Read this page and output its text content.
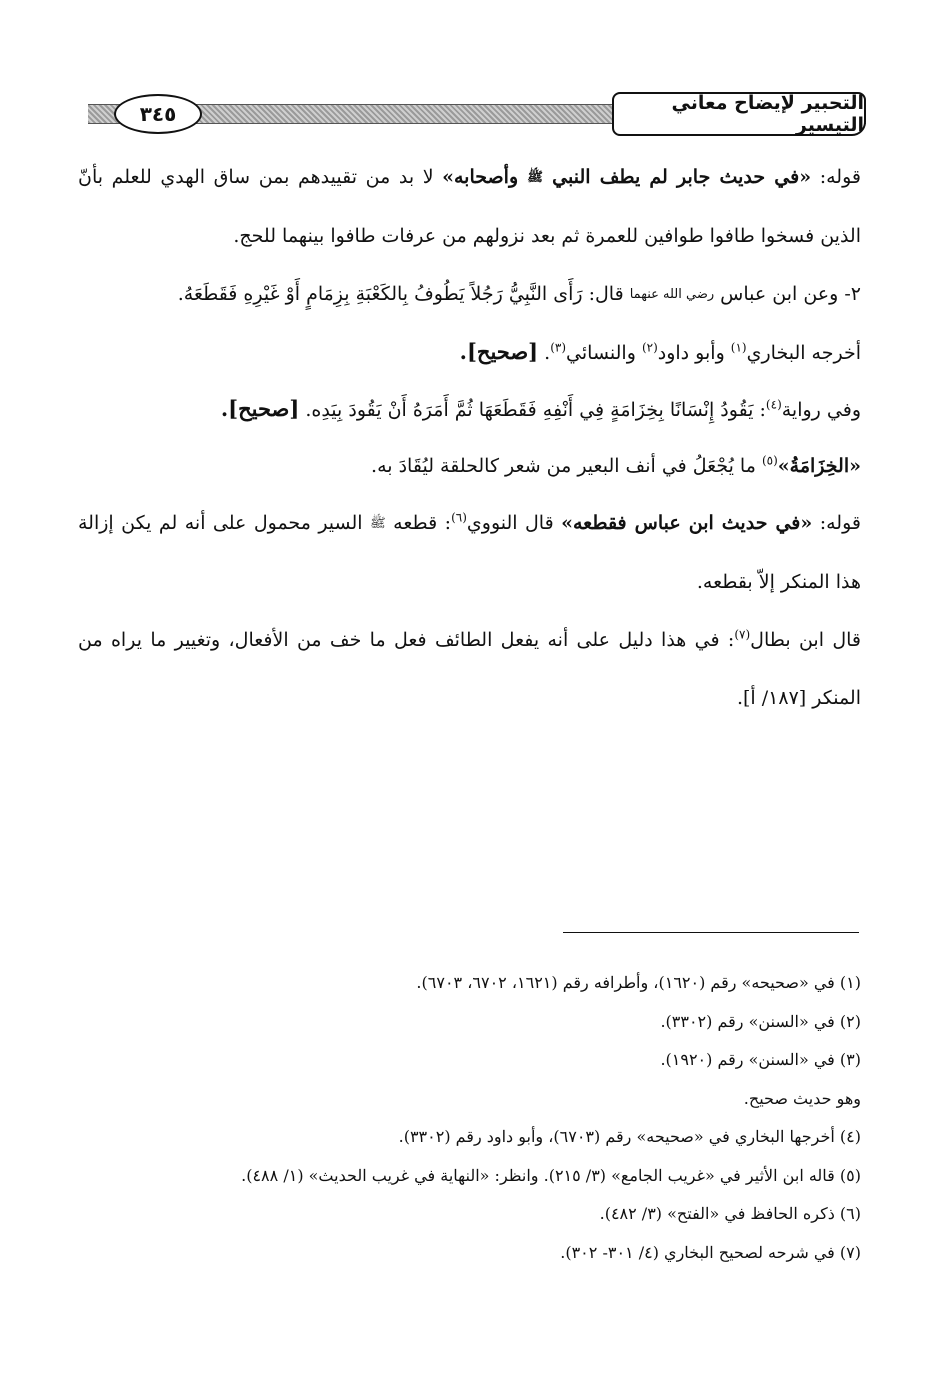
التحبير لإيضاح معاني التيسير
٣٤٥

قوله: «في حديث جابر لم يطف النبي ﷺ وأصحابه» لا بد من تقييدهم بمن ساق الهدي للعلم بأنّ الذين فسخوا طافوا طوافين للعمرة ثم بعد نزولهم من عرفات طافوا بينهما للحج.

٢- وعن ابن عباس رضي الله عنهما قال: رَأَى النَّبِيُّ رَجُلاً يَطُوفُ بِالكَعْبَةِ بِزِمَامٍ أَوْ غَيْرِهِ فَقَطَعَهُ.

أخرجه البخاري$^{(١)}$ وأبو داود$^{(٢)}$ والنسائي$^{(٣)}$. [صحيح].

وفي رواية$^{(٤)}$: يَقُودُ إِنْسَانًا بِخِزَامَةٍ فِي أَنْفِهِ فَقَطَعَهَا ثُمَّ أَمَرَهُ أَنْ يَقُودَ بِيَدِه. [صحيح].

«الخِزَامَةُ»$^{(٥)}$ ما يُجْعَلُ في أنف البعير من شعر كالحلقة ليُقَادَ به.

قوله: «في حديث ابن عباس فقطعه» قال النووي$^{(٦)}$: قطعه ﷺ السير محمول على أنه لم يكن إزالة هذا المنكر إلاّ بقطعه.

قال ابن بطال$^{(٧)}$: في هذا دليل على أنه يفعل الطائف فعل ما خف من الأفعال، وتغيير ما يراه من المنكر [١٨٧/ أ].

(١) في «صحيحه» رقم (١٦٢٠)، وأطرافه رقم (١٦٢١، ٦٧٠٢، ٦٧٠٣).

(٢) في «السنن» رقم (٣٣٠٢).

(٣) في «السنن» رقم (١٩٢٠).

وهو حديث صحيح.

(٤) أخرجها البخاري في «صحيحه» رقم (٦٧٠٣)، وأبو داود رقم (٣٣٠٢).

(٥) قاله ابن الأثير في «غريب الجامع» (٣/ ٢١٥). وانظر: «النهاية في غريب الحديث» (١/ ٤٨٨).

(٦) ذكره الحافظ في «الفتح» (٣/ ٤٨٢).

(٧) في شرحه لصحيح البخاري (٤/ ٣٠١- ٣٠٢).
